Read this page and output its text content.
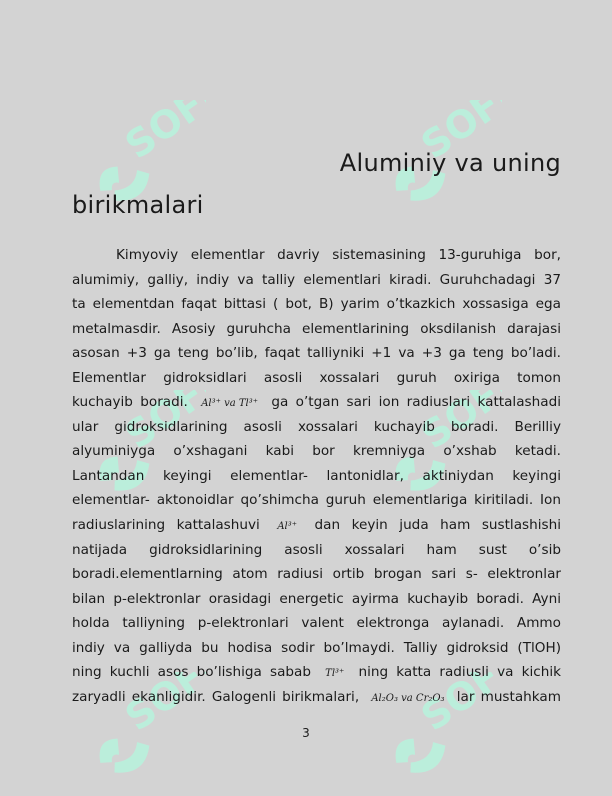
SOFF	SOFF
SOFF	SOFF
SOFF	SOFF
Aluminiy va uning
birikmalari
Kimyoviy elementlar davriy sistemasining 13-guruhiga bor,
alumimiy, galliy, indiy va talliy elementlari kiradi. Guruhchadagi 37
ta elementdan faqat bittasi ( bot, B) yarim o’tkazkich xossasiga ega
metalmasdir. Asosiy guruhcha elementlarining oksdilanish darajasi
asosan +3 ga teng bo’lib, faqat talliyniki +1 va +3 ga teng bo’ladi.
Elementlar gidroksidlari asosli xossalari guruh oxiriga tomon
kuchayib boradi. Al³⁺ va Tl³⁺ ga o’tgan sari ion radiuslari kattalashadi
ular gidroksidlarining asosli xossalari kuchayib boradi. Berilliy
alyuminiyga o’xshagani kabi bor kremniyga o’xshab ketadi.
Lantandan keyingi elementlar- lantonidlar, aktiniydan keyingi
elementlar- aktonoidlar qo’shimcha guruh elementlariga kiritiladi. Ion
radiuslarining kattalashuvi Al³⁺ dan keyin juda ham sustlashishi
natijada gidroksidlarining asosli xossalari ham sust o’sib
boradi.elementlarning atom radiusi ortib brogan sari s- elektronlar
bilan p-elektronlar orasidagi energetic ayirma kuchayib boradi. Ayni
holda talliyning p-elektronlari valent elektronga aylanadi. Ammo
indiy va galliyda bu hodisa sodir bo’lmaydi. Talliy gidroksid (TlOH)
ning kuchli asos bo’lishiga sabab Tl³⁺ ning katta radiusli va kichik
zaryadli ekanligidir. Galogenli birikmalari, Al₂O₃ va Cr₂O₃ lar mustahkam
3
